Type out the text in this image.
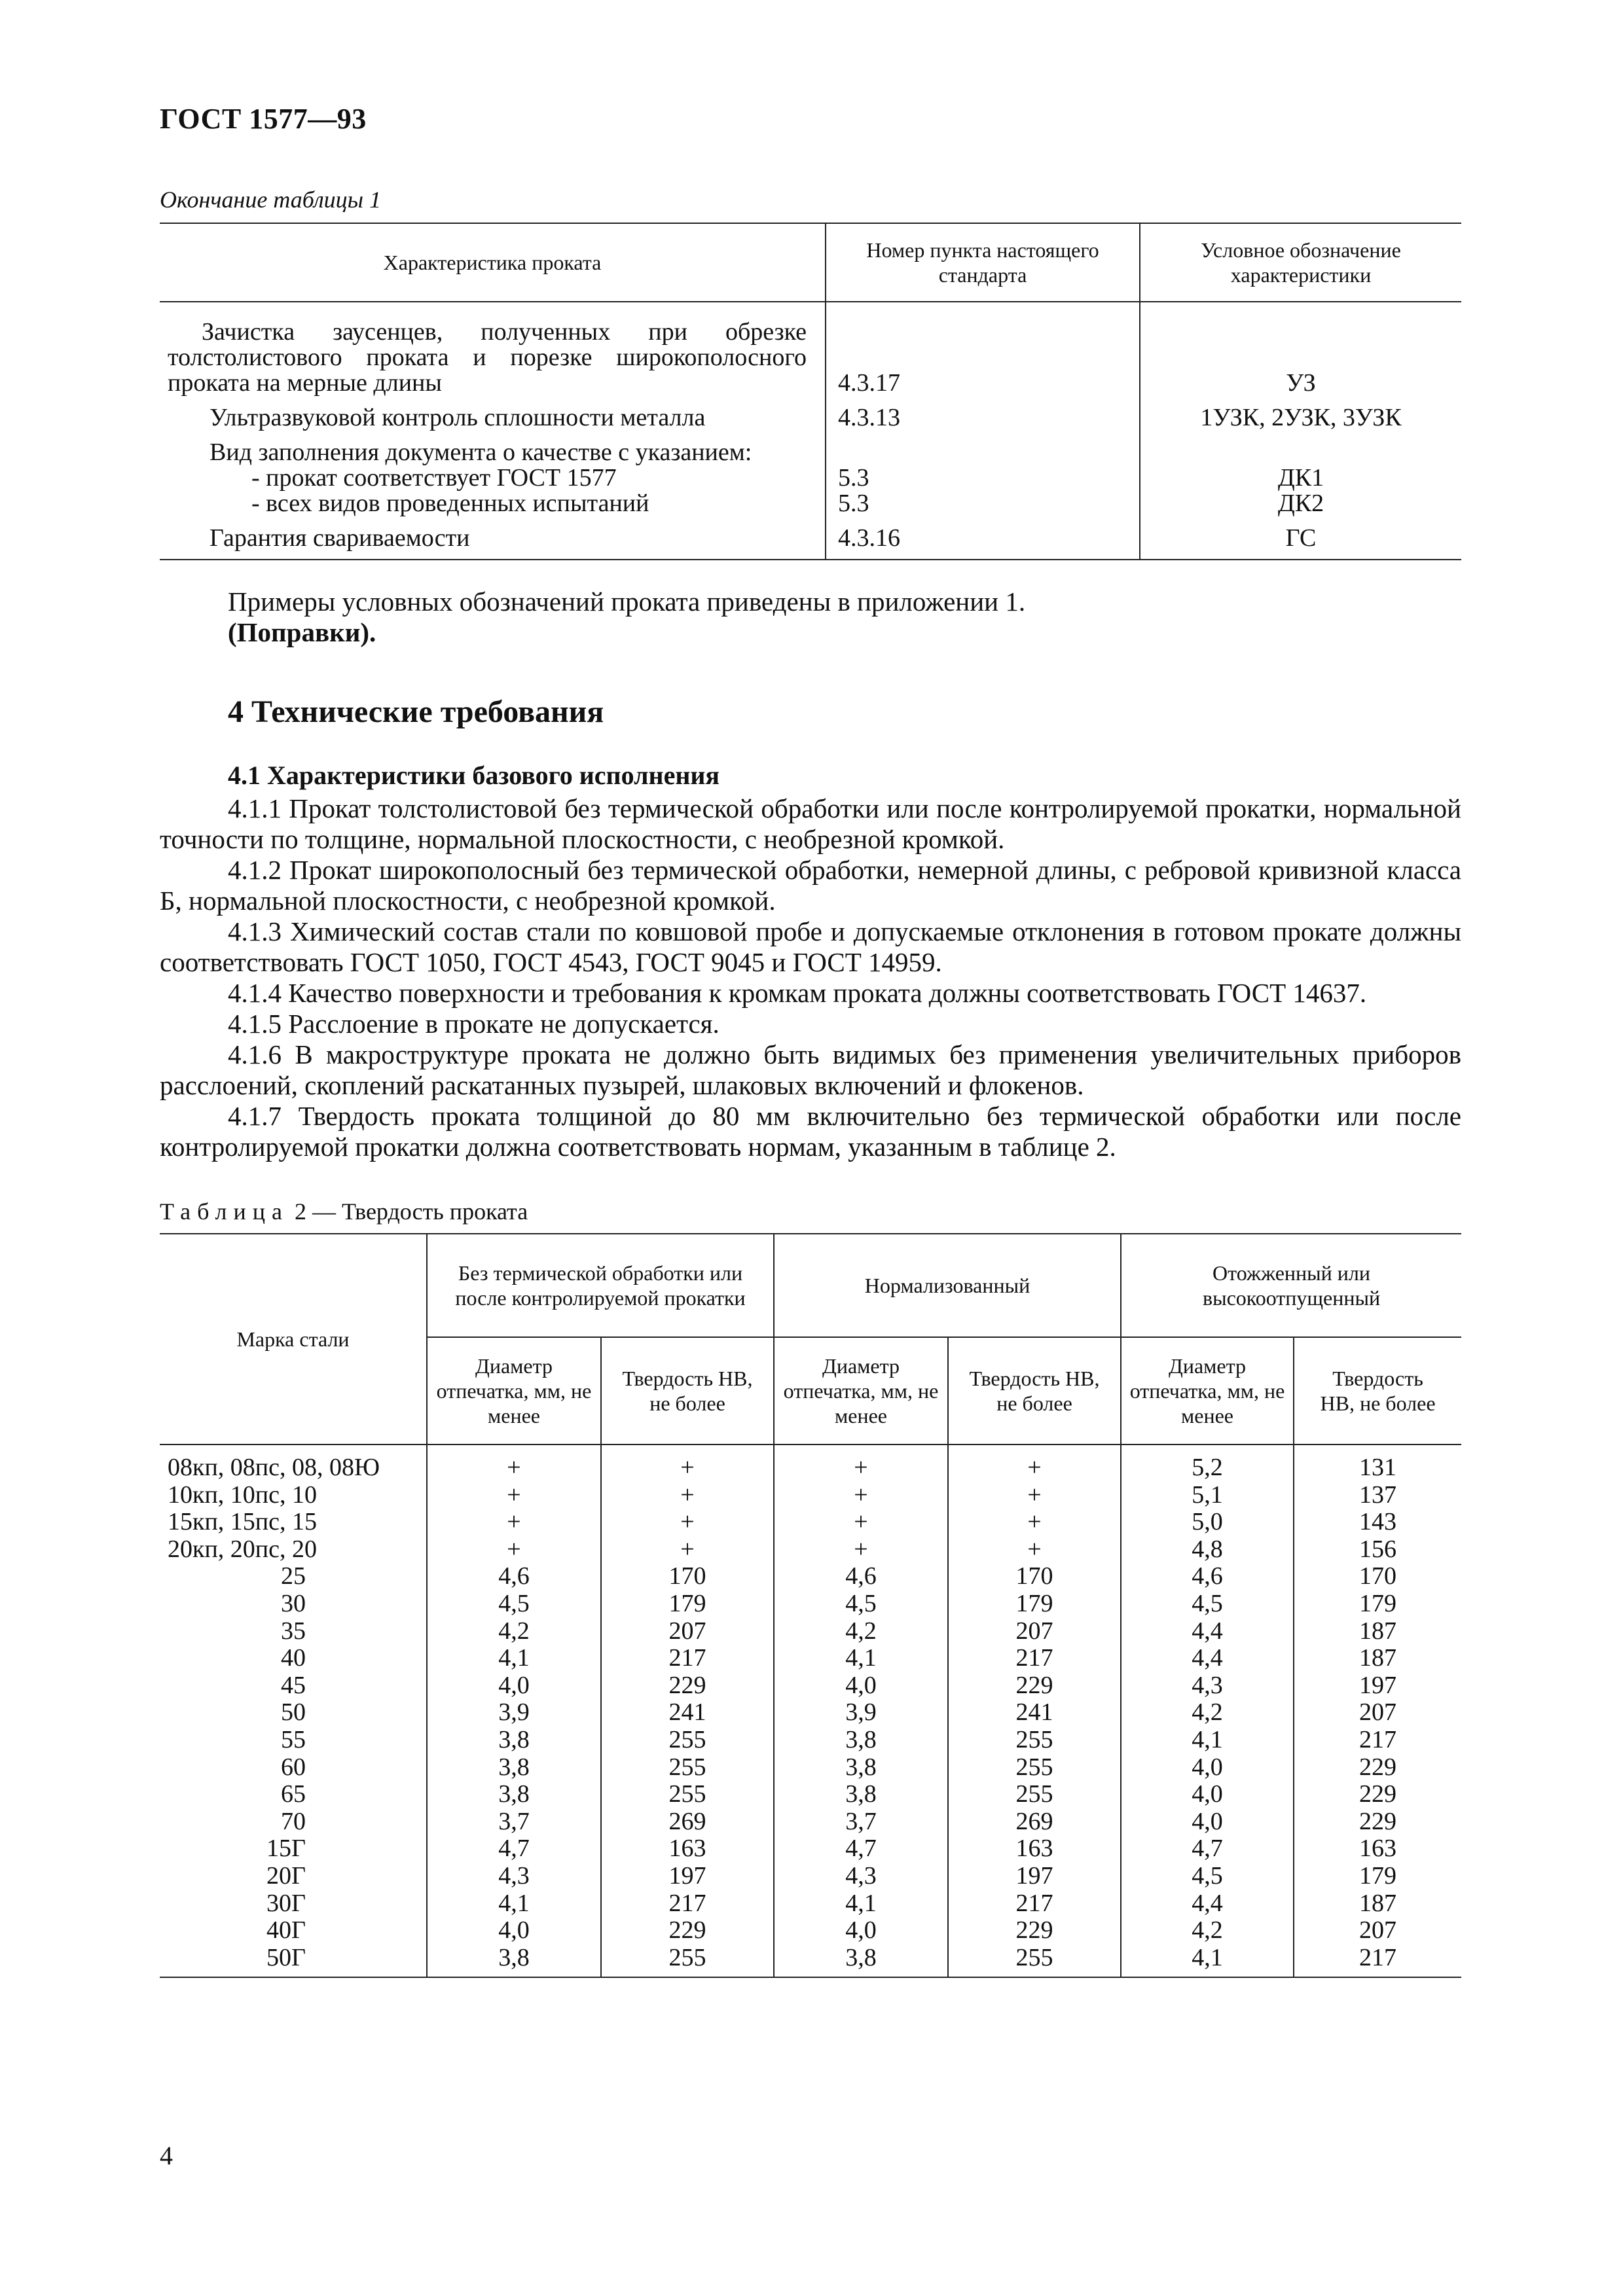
ГОСТ 1577—93
Окончание таблицы 1
Характеристика проката	Номер пункта настоящего стандарта	Условное обозначение характеристики

Зачистка заусенцев, полученных при обрезке толстолистового проката и порезке широкополосного проката на мерные длины	4.3.17	УЗ

Ультразвуковой контроль сплошности металла	4.3.13	1УЗК, 2УЗК, 3УЗК

Вид заполнения документа о качестве с указанием:		

- прокат соответствует ГОСТ 1577	5.3	ДК1

- всех видов проведенных испытаний	5.3	ДК2

Гарантия свариваемости	4.3.16	ГС
Примеры условных обозначений проката приведены в приложении 1.
(Поправки).
4 Технические требования
4.1 Характеристики базового исполнения

4.1.1 Прокат толстолистовой без термической обработки или после контролируемой прокатки, нормальной точности по толщине, нормальной плоскостности, с необрезной кромкой.

4.1.2 Прокат широкополосный без термической обработки, немерной длины, с ребровой кривизной класса Б, нормальной плоскостности, с необрезной кромкой.

4.1.3 Химический состав стали по ковшовой пробе и допускаемые отклонения в готовом прокате должны соответствовать ГОСТ 1050, ГОСТ 4543, ГОСТ 9045 и ГОСТ 14959.

4.1.4 Качество поверхности и требования к кромкам проката должны соответствовать ГОСТ 14637.

4.1.5 Расслоение в прокате не допускается.

4.1.6 В макроструктуре проката не должно быть видимых без применения увеличительных приборов расслоений, скоплений раскатанных пузырей, шлаковых включений и флокенов.

4.1.7 Твердость проката толщиной до 80 мм включительно без термической обработки или после контролируемой прокатки должна соответствовать нормам, указанным в таблице 2.

Таблица 2 — Твердость проката
Марка стали	Без термической обработки или после контролируемой прокатки		Нормализованный		Отожженный или высокоотпущенный	
	Диаметр отпечатка, мм, не менее	Твердость НВ, не более	Диаметр отпечатка, мм, не менее	Твердость НВ, не более	Диаметр отпечатка, мм, не менее	Твердость НВ, не более
08кп, 08пс, 08, 08Ю	+	+	+	+	5,2	131
10кп, 10пс, 10	+	+	+	+	5,1	137
15кп, 15пс, 15	+	+	+	+	5,0	143
20кп, 20пс, 20	+	+	+	+	4,8	156
25	4,6	170	4,6	170	4,6	170
30	4,5	179	4,5	179	4,5	179
35	4,2	207	4,2	207	4,4	187
40	4,1	217	4,1	217	4,4	187
45	4,0	229	4,0	229	4,3	197
50	3,9	241	3,9	241	4,2	207
55	3,8	255	3,8	255	4,1	217
60	3,8	255	3,8	255	4,0	229
65	3,8	255	3,8	255	4,0	229
70	3,7	269	3,7	269	4,0	229
15Г	4,7	163	4,7	163	4,7	163
20Г	4,3	197	4,3	197	4,5	179
30Г	4,1	217	4,1	217	4,4	187
40Г	4,0	229	4,0	229	4,2	207
50Г	3,8	255	3,8	255	4,1	217
4
